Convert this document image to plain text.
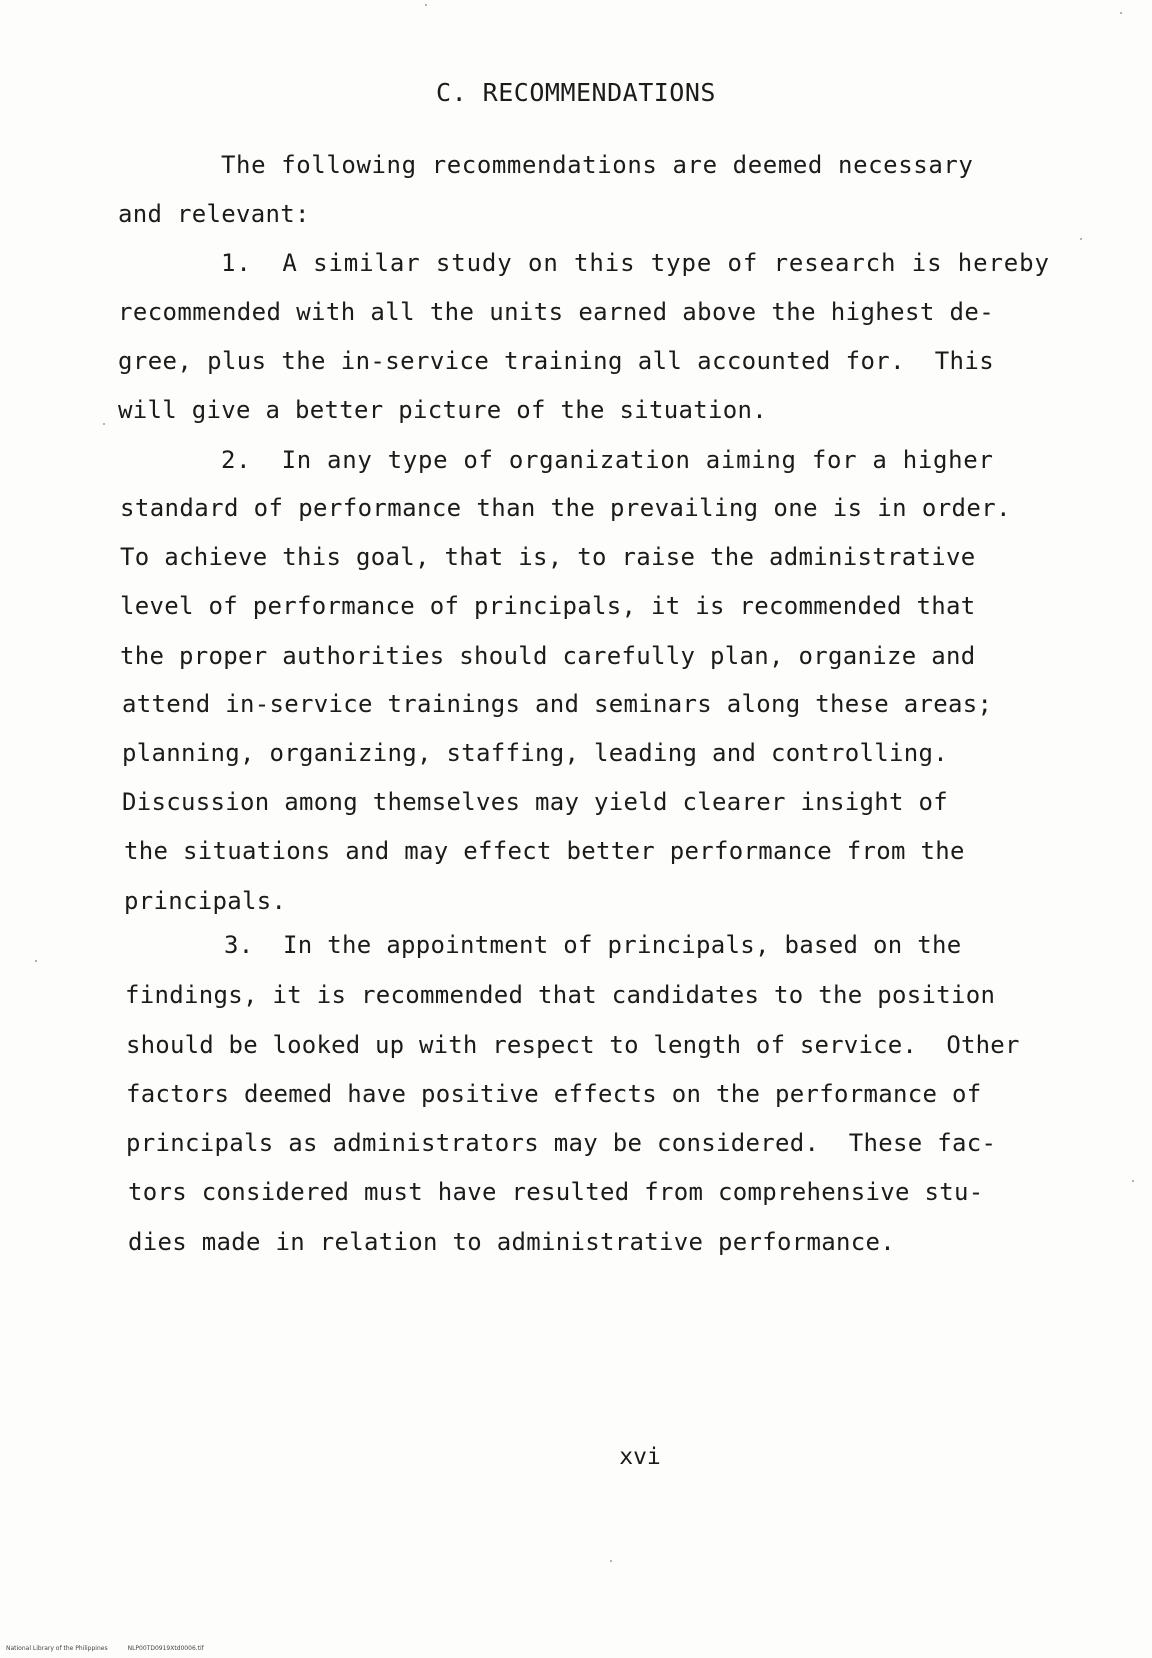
C. RECOMMENDATIONS
The following recommendations are deemed necessary
and relevant:
1.  A similar study on this type of research is hereby
recommended with all the units earned above the highest de-
gree, plus the in-service training all accounted for.  This
will give a better picture of the situation.
2.  In any type of organization aiming for a higher
standard of performance than the prevailing one is in order.
To achieve this goal, that is, to raise the administrative
level of performance of principals, it is recommended that
the proper authorities should carefully plan, organize and
attend in-service trainings and seminars along these areas;
planning, organizing, staffing, leading and controlling.
Discussion among themselves may yield clearer insight of
the situations and may effect better performance from the
principals.
3.  In the appointment of principals, based on the
findings, it is recommended that candidates to the position
should be looked up with respect to length of service.  Other
factors deemed have positive effects on the performance of
principals as administrators may be considered.  These fac-
tors considered must have resulted from comprehensive stu-
dies made in relation to administrative performance.
xvi
National Library of the Philippines	NLP00TD0919Xtd0006.tif
